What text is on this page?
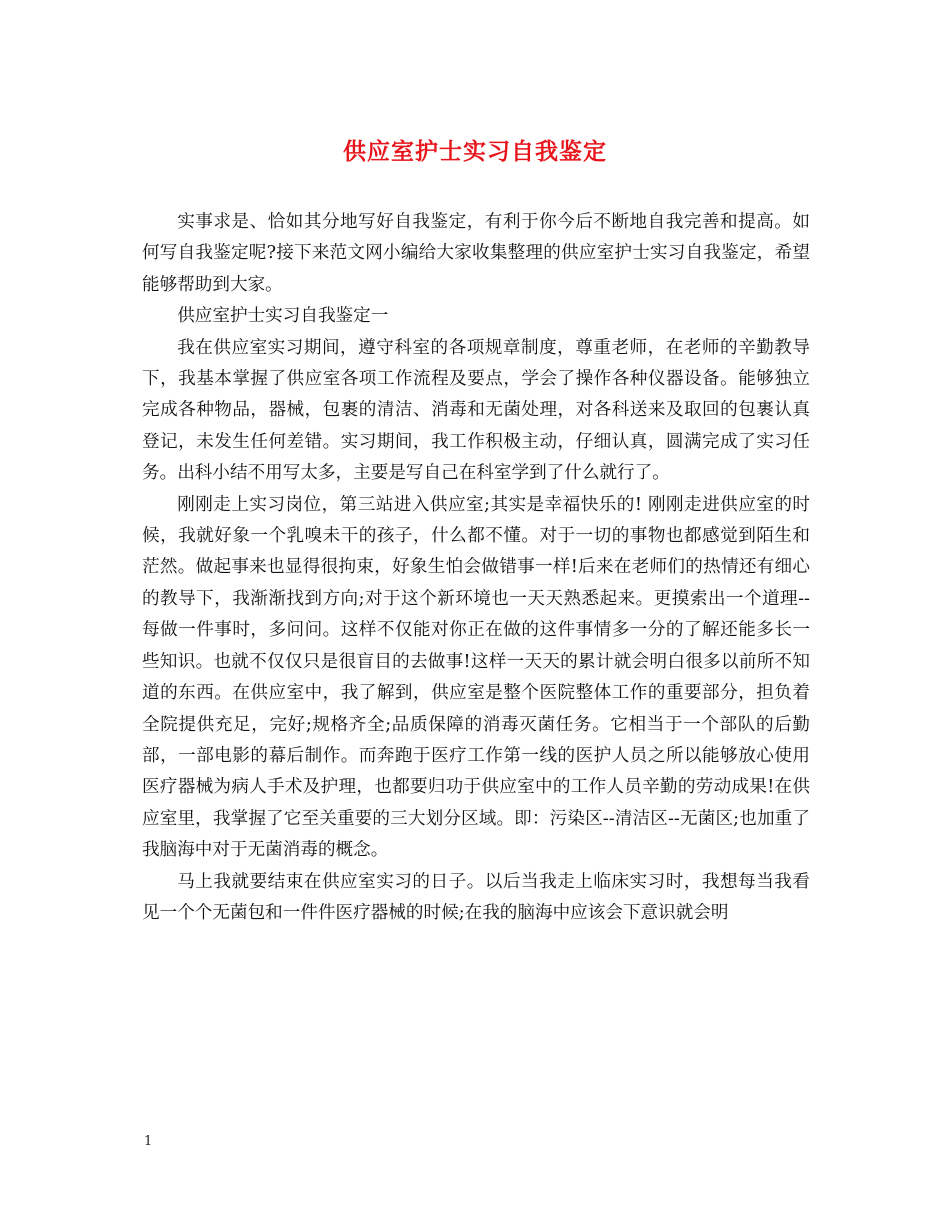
供应室护士实习自我鉴定

实事求是、恰如其分地写好自我鉴定，有利于你今后不断地自我完善和提高。如何写自我鉴定呢?接下来范文网小编给大家收集整理的供应室护士实习自我鉴定，希望能够帮助到大家。

供应室护士实习自我鉴定一

我在供应室实习期间，遵守科室的各项规章制度，尊重老师，在老师的辛勤教导下，我基本掌握了供应室各项工作流程及要点，学会了操作各种仪器设备。能够独立完成各种物品，器械，包裹的清洁、消毒和无菌处理，对各科送来及取回的包裹认真登记，未发生任何差错。实习期间，我工作积极主动，仔细认真，圆满完成了实习任务。出科小结不用写太多，主要是写自己在科室学到了什么就行了。

刚刚走上实习岗位，第三站进入供应室;其实是幸福快乐的! 刚刚走进供应室的时候，我就好象一个乳嗅未干的孩子，什么都不懂。对于一切的事物也都感觉到陌生和茫然。做起事来也显得很拘束，好象生怕会做错事一样!后来在老师们的热情还有细心的教导下，我渐渐找到方向;对于这个新环境也一天天熟悉起来。更摸索出一个道理--每做一件事时，多问问。这样不仅能对你正在做的这件事情多一分的了解还能多长一些知识。也就不仅仅只是很盲目的去做事!这样一天天的累计就会明白很多以前所不知道的东西。在供应室中，我了解到，供应室是整个医院整体工作的重要部分，担负着全院提供充足，完好;规格齐全;品质保障的消毒灭菌任务。它相当于一个部队的后勤部，一部电影的幕后制作。而奔跑于医疗工作第一线的医护人员之所以能够放心使用医疗器械为病人手术及护理，也都要归功于供应室中的工作人员辛勤的劳动成果!在供应室里，我掌握了它至关重要的三大划分区域。即：污染区--清洁区--无菌区;也加重了我脑海中对于无菌消毒的概念。

马上我就要结束在供应室实习的日子。以后当我走上临床实习时，我想每当我看见一个个无菌包和一件件医疗器械的时候;在我的脑海中应该会下意识就会明

1
